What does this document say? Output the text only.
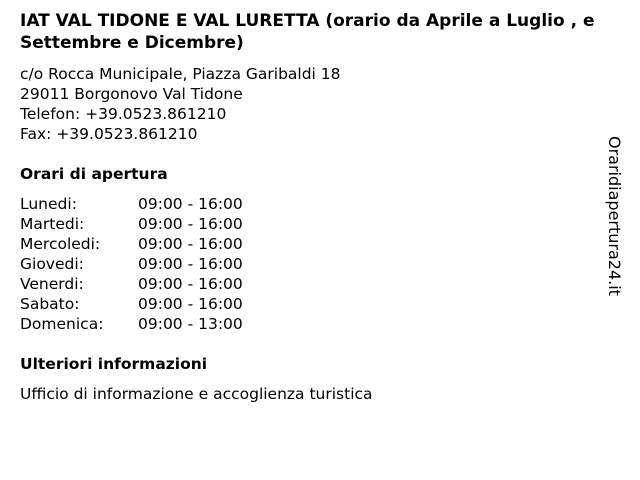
IAT VAL TIDONE E VAL LURETTA (orario da Aprile a Luglio , e Settembre e Dicembre)
c/o Rocca Municipale, Piazza Garibaldi 18
29011 Borgonovo Val Tidone
Telefon: +39.0523.861210
Fax: +39.0523.861210
Orari di apertura
Lunedi:	09:00 - 16:00
Martedi:	09:00 - 16:00
Mercoledi:	09:00 - 16:00
Giovedi:	09:00 - 16:00
Venerdi:	09:00 - 16:00
Sabato:	09:00 - 16:00
Domenica:	09:00 - 13:00
Ulteriori informazioni
Ufficio di informazione e accoglienza turistica
Oraridiapertura24.it
